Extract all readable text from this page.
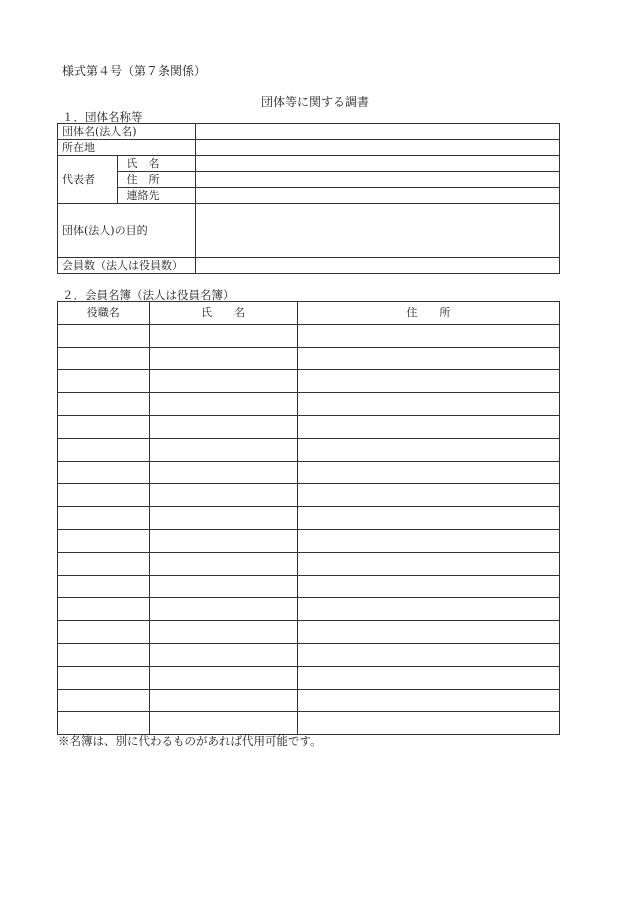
様式第４号（第７条関係）
団体等に関する調書
１．団体名称等
団体名(法人名)		
所在地		
代表者	氏　名	
	住　所	
	連絡先	
団体(法人)の目的		
会員数（法人は役員数）		
２．会員名簿（法人は役員名簿）
役職名	氏　　名	住　　所

※名簿は、別に代わるものがあれば代用可能です。
